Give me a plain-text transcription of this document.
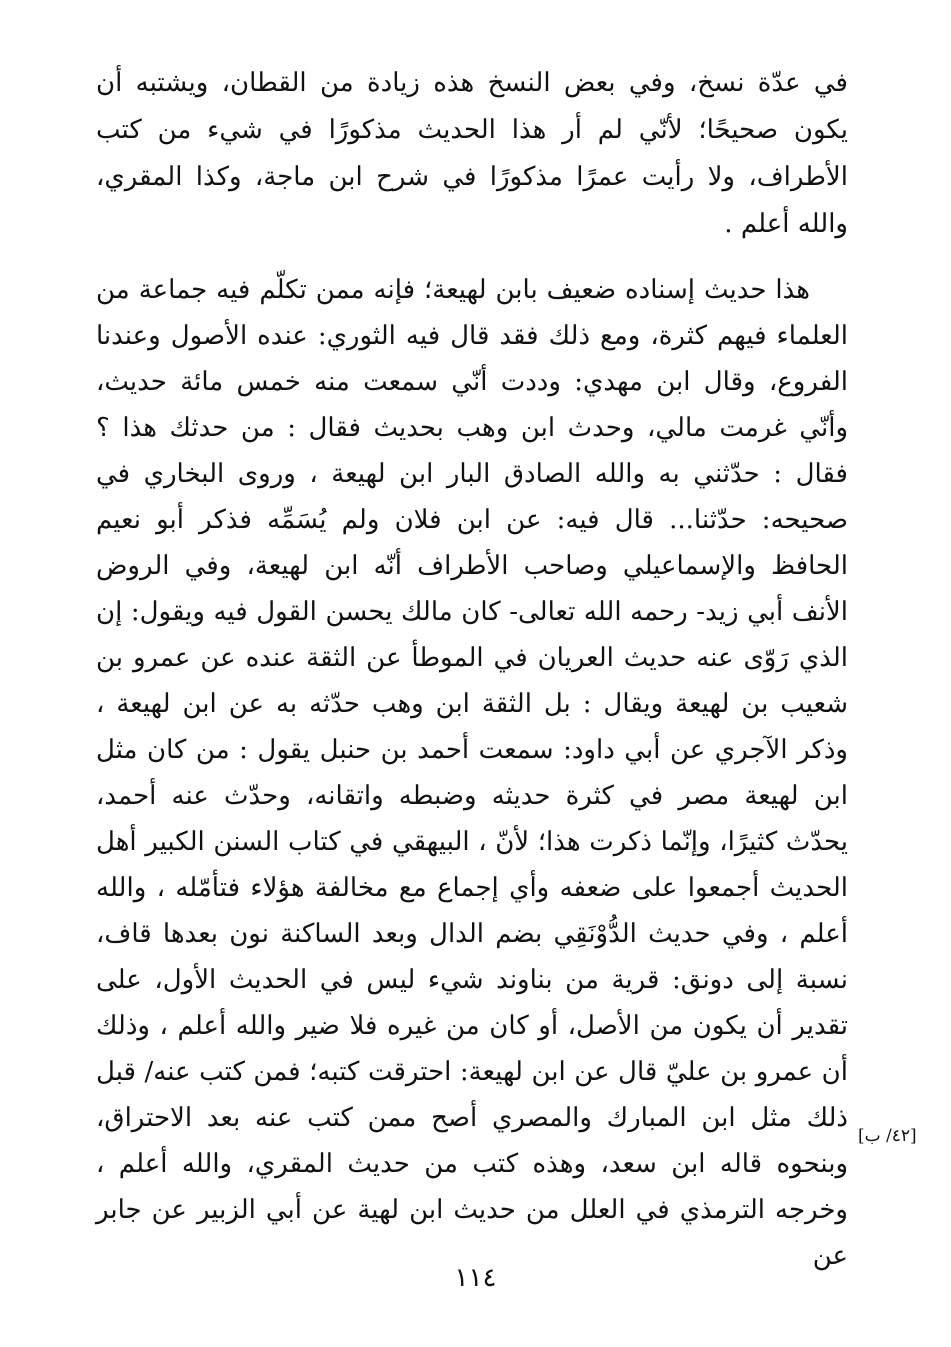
في عدّة نسخ، وفي بعض النسخ هذه زيادة من القطان، ويشتبه أن يكون صحيحًا؛ لأنّي لم أر هذا الحديث مذكورًا في شيء من كتب الأطراف، ولا رأيت عمرًا مذكورًا في شرح ابن ماجة، وكذا المقري، والله أعلم .
هذا حديث إسناده ضعيف بابن لهيعة؛ فإنه ممن تكلّم فيه جماعة من العلماء فيهم كثرة، ومع ذلك فقد قال فيه الثوري: عنده الأصول وعندنا الفروع، وقال ابن مهدي: وددت أنّي سمعت منه خمس مائة حديث، وأنّي غرمت مالي، وحدث ابن وهب بحديث فقال : من حدثك هذا ؟ فقال : حدّثني به والله الصادق البار ابن لهيعة ، وروى البخاري في صحيحه: حدّثنا... قال فيه: عن ابن فلان ولم يُسَمِّه فذكر أبو نعيم الحافظ والإسماعيلي وصاحب الأطراف أنّه ابن لهيعة، وفي الروض الأنف أبي زيد- رحمه الله تعالى- كان مالك يحسن القول فيه ويقول: إن الذي رَوّى عنه حديث العريان في الموطأ عن الثقة عنده عن عمرو بن شعيب بن لهيعة ويقال : بل الثقة ابن وهب حدّثه به عن ابن لهيعة ، وذكر الآجري عن أبي داود: سمعت أحمد بن حنبل يقول : من كان مثل ابن لهيعة مصر في كثرة حديثه وضبطه واتقانه، وحدّث عنه أحمد، يحدّث كثيرًا، وإنّما ذكرت هذا؛ لأنّ ، البيهقي في كتاب السنن الكبير أهل الحديث أجمعوا على ضعفه وأي إجماع مع مخالفة هؤلاء فتأمّله ، والله أعلم ، وفي حديث الدُّوْنَقِي بضم الدال وبعد الساكنة نون بعدها قاف، نسبة إلى دونق: قرية من بناوند شيء ليس في الحديث الأول، على تقدير أن يكون من الأصل، أو كان من غيره فلا ضير والله أعلم ، وذلك أن عمرو بن عليّ قال عن ابن لهيعة: احترقت كتبه؛ فمن كتب عنه/ قبل ذلك مثل ابن المبارك والمصري أصح ممن كتب عنه بعد الاحتراق، وبنحوه قاله ابن سعد، وهذه كتب من حديث المقري، والله أعلم ، وخرجه الترمذي في العلل من حديث ابن لهية عن أبي الزبير عن جابر عن
[٤٢/ ب]
١١٤
